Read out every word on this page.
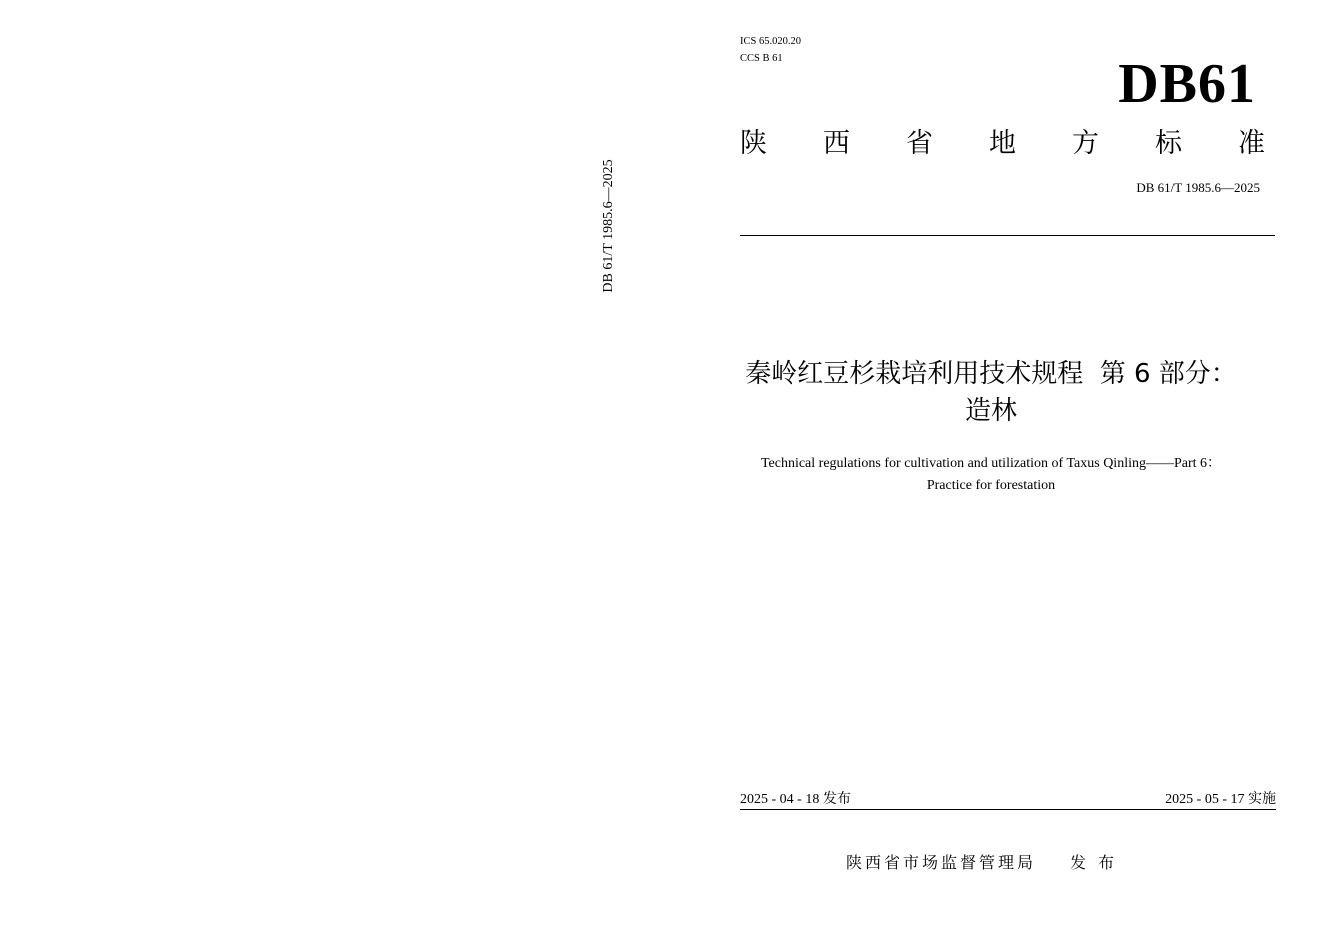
DB 61/T 1985.6—2025
ICS 65.020.20
CCS B 61	DB61
陕 西 省 地 方 标 准
DB 61/T 1985.6—2025
秦岭红豆杉栽培利用技术规程  第 6 部分：
造林
Technical regulations for cultivation and utilization of Taxus Qinling——Part 6：
Practice for forestation
2025 - 04 - 18 发布	2025 - 05 - 17 实施
陕西省市场监督管理局 发布
